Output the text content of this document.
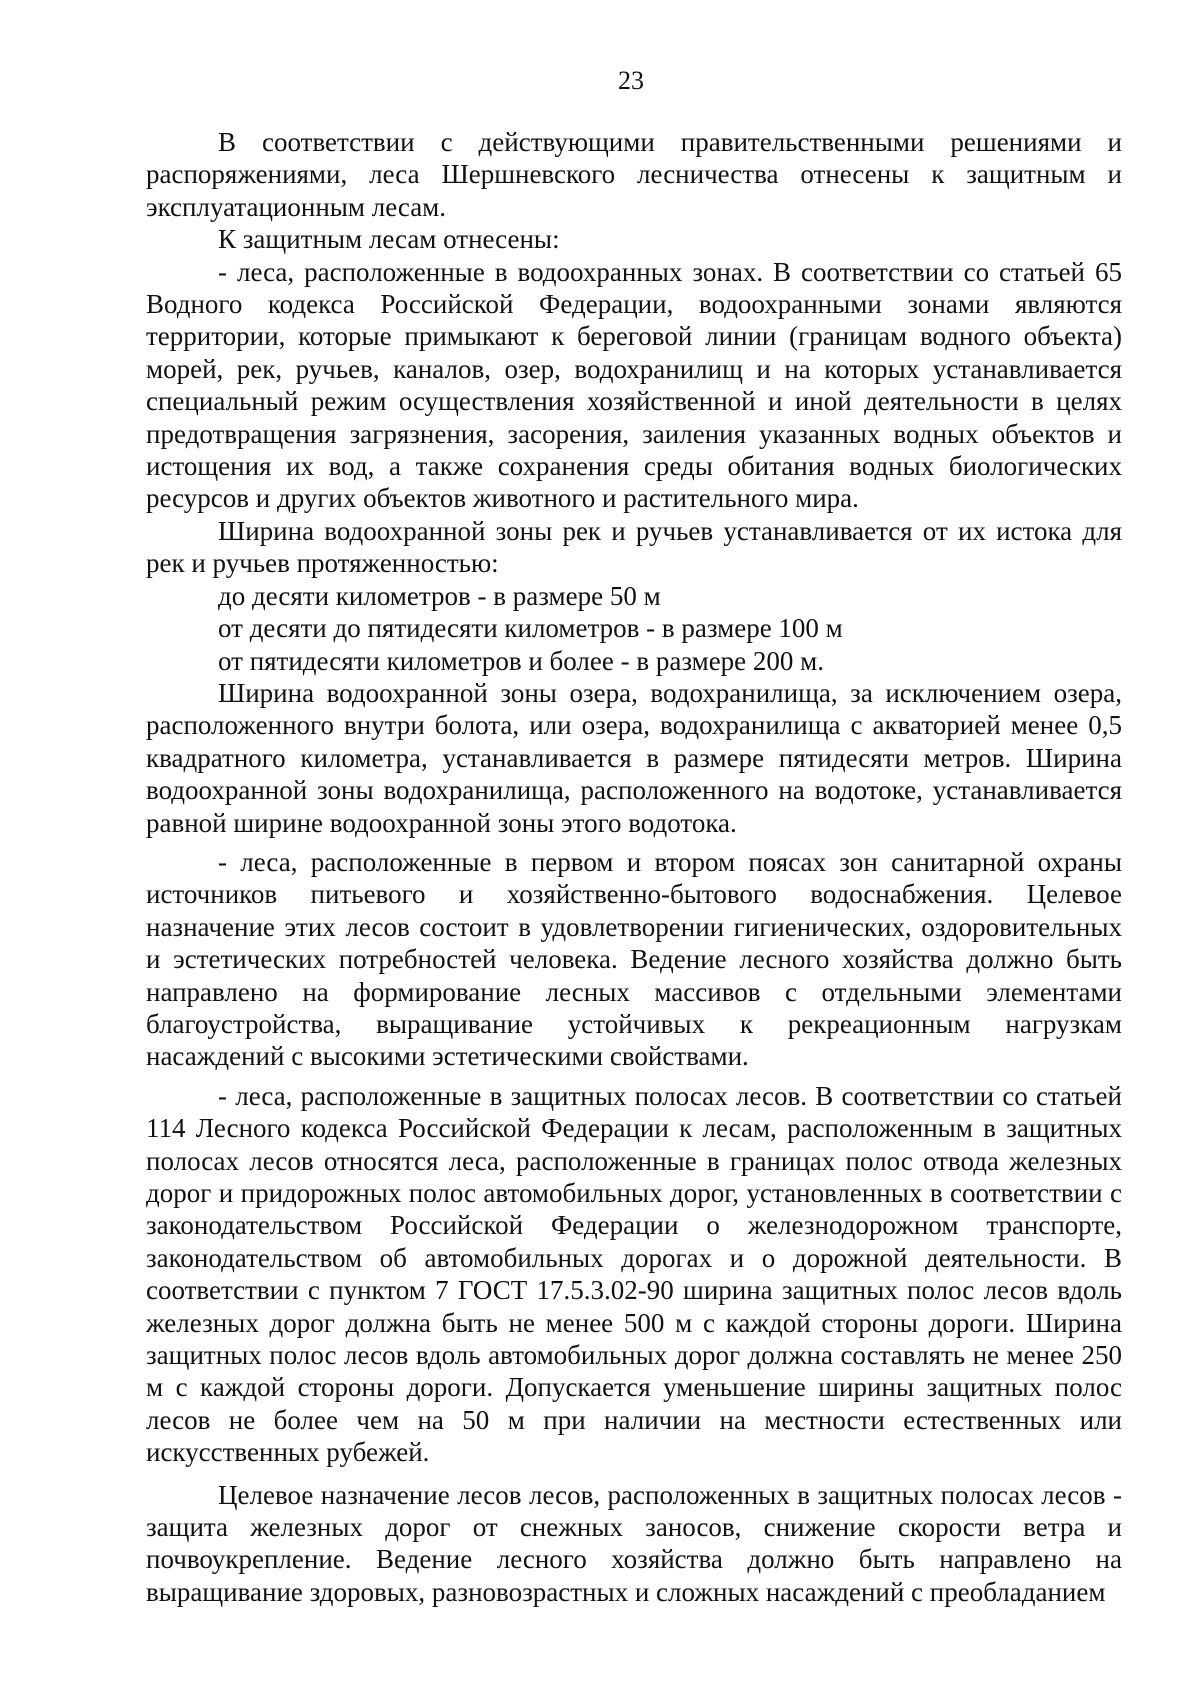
23

В соответствии с действующими правительственными решениями и распоряжениями, леса Шершневского лесничества отнесены к защитным и эксплуатационным лесам.

К защитным лесам отнесены:

- леса, расположенные в водоохранных зонах. В соответствии со статьей 65 Водного кодекса Российской Федерации, водоохранными зонами являются территории, которые примыкают к береговой линии (границам водного объекта) морей, рек, ручьев, каналов, озер, водохранилищ и на которых устанавливается специальный режим осуществления хозяйственной и иной деятельности в целях предотвращения загрязнения, засорения, заиления указанных водных объектов и истощения их вод, а также сохранения среды обитания водных биологических ресурсов и других объектов животного и растительного мира.

Ширина водоохранной зоны рек и ручьев устанавливается от их истока для рек и ручьев протяженностью:

до десяти километров - в размере 50 м

от десяти до пятидесяти километров - в размере 100 м

от пятидесяти километров и более - в размере 200 м.

Ширина водоохранной зоны озера, водохранилища, за исключением озера, расположенного внутри болота, или озера, водохранилища с акваторией менее 0,5 квадратного километра, устанавливается в размере пятидесяти метров. Ширина водоохранной зоны водохранилища, расположенного на водотоке, устанавливается равной ширине водоохранной зоны этого водотока.

- леса, расположенные в первом и втором поясах зон санитарной охраны источников питьевого и хозяйственно-бытового водоснабжения. Целевое назначение этих лесов состоит в удовлетворении гигиенических, оздоровительных и эстетических потребностей человека. Ведение лесного хозяйства должно быть направлено на формирование лесных массивов с отдельными элементами благоустройства, выращивание устойчивых к рекреационным нагрузкам насаждений с высокими эстетическими свойствами.

- леса, расположенные в защитных полосах лесов. В соответствии со статьей 114 Лесного кодекса Российской Федерации к лесам, расположенным в защитных полосах лесов относятся леса, расположенные в границах полос отвода железных дорог и придорожных полос автомобильных дорог, установленных в соответствии с законодательством Российской Федерации о железнодорожном транспорте, законодательством об автомобильных дорогах и о дорожной деятельности. В соответствии с пунктом 7 ГОСТ 17.5.3.02-90 ширина защитных полос лесов вдоль железных дорог должна быть не менее 500 м с каждой стороны дороги. Ширина защитных полос лесов вдоль автомобильных дорог должна составлять не менее 250 м с каждой стороны дороги. Допускается уменьшение ширины защитных полос лесов не более чем на 50 м при наличии на местности естественных или искусственных рубежей.

Целевое назначение лесов лесов, расположенных в защитных полосах лесов - защита железных дорог от снежных заносов, снижение скорости ветра и почвоукрепление. Ведение лесного хозяйства должно быть направлено на выращивание здоровых, разновозрастных и сложных насаждений с преобладанием
